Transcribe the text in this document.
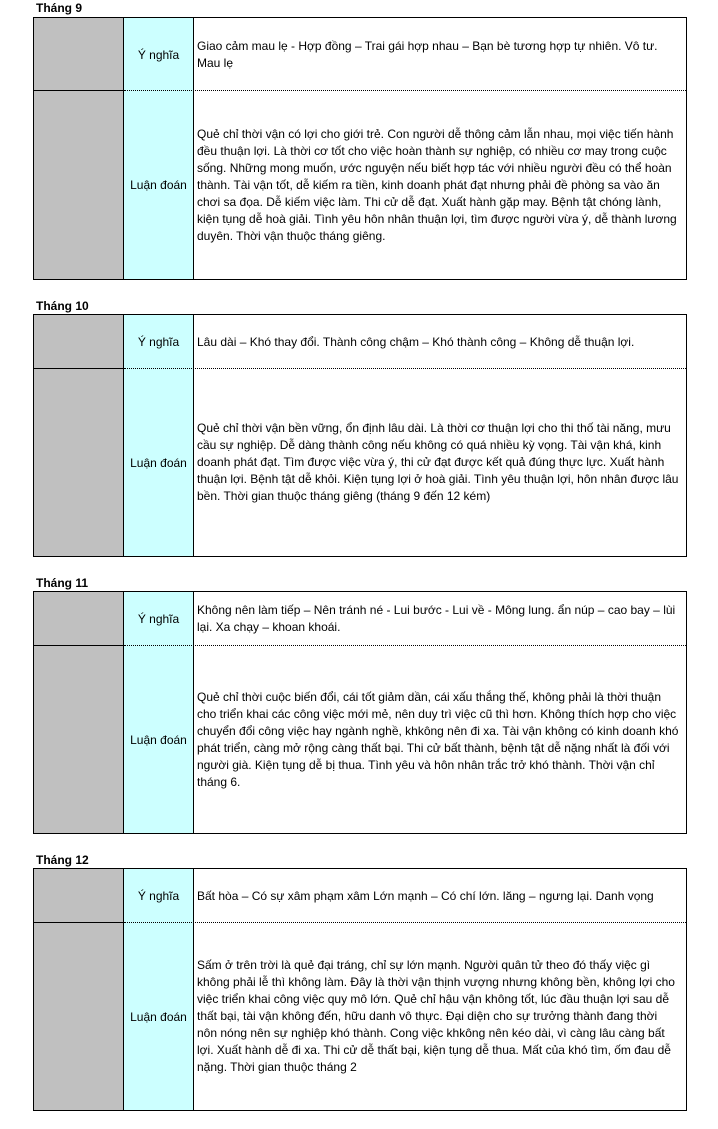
Tháng 9
Ý nghĩa
Giao cảm mau lẹ - Hợp đồng – Trai gái hợp nhau – Bạn bè tương hợp tự nhiên. Vô tư. Mau lẹ
Luận đoán
Quẻ chỉ thời vận có lợi cho giới trẻ. Con người dễ thông cảm lẫn nhau, mọi việc tiến hành đều thuận lợi. Là thời cơ tốt cho việc hoàn thành sự nghiệp, có nhiều cơ may trong cuộc sống. Những mong muốn, ước nguyện nếu biết hợp tác với nhiều người đều có thể hoàn thành. Tài vận tốt, dễ kiếm ra tiền, kinh doanh phát đạt nhưng phải đề phòng sa vào ăn chơi sa đọa. Dễ kiếm việc làm. Thi cử dễ đạt. Xuất hành gặp may. Bệnh tật chóng lành, kiện tụng dễ hoà giải. Tình yêu hôn nhân thuận lợi, tìm được người vừa ý, dễ thành lương duyên. Thời vận thuộc tháng giêng.
Tháng 10
Ý nghĩa	Lâu dài – Khó thay đổi. Thành công chậm – Khó thành công – Không dễ thuận lợi.
Luận đoán
Quẻ chỉ thời vận bền vững, ổn định lâu dài. Là thời cơ thuận lợi cho thi thố tài năng, mưu cầu sự nghiệp. Dễ dàng thành công nếu không có quá nhiều kỳ vọng. Tài vận khá, kinh doanh phát đạt. Tìm được việc vừa ý, thi cử đạt được kết quả đúng thực lực. Xuất hành thuận lợi. Bệnh tật dễ khỏi. Kiện tụng lợi ở hoà giải. Tình yêu thuận lợi, hôn nhân được lâu bền. Thời gian thuộc tháng giêng (tháng 9 đến 12 kém)
Tháng 11
Ý nghĩa
Không nên làm tiếp – Nên tránh né - Lui bước - Lui về - Mông lung. ẩn núp – cao bay – lùi lại. Xa chạy – khoan khoái.
Luận đoán
Quẻ chỉ thời cuộc biến đổi, cái tốt giảm dần, cái xấu thắng thế, không phải là thời thuận cho triển khai các công việc mới mẻ, nên duy trì việc cũ thì hơn. Không thích hợp cho việc chuyển đổi công việc hay ngành nghề, khkông nên đi xa. Tài vận không có kinh doanh khó phát triển, càng mở rộng càng thất bại. Thi cử bất thành, bệnh tật dễ nặng nhất là đối với người già. Kiện tụng dễ bị thua. Tình yêu và hôn nhân trắc trở khó thành. Thời vận chỉ tháng 6.
Tháng 12
Ý nghĩa	Bất hòa – Có sự xâm phạm xâm Lớn mạnh – Có chí lớn. lăng – ngưng lại. Danh vọng
Luận đoán
Sấm ở trên trời là quẻ đại tráng, chỉ sự lớn mạnh. Người quân tử theo đó thấy việc gì không phải lễ thì không làm. Đây là thời vận thịnh vượng nhưng không bền, không lợi cho việc triển khai công việc quy mô lớn. Quẻ chỉ hậu vận không tốt, lúc đầu thuận lợi sau dễ thất bại, tài vận không đến, hữu danh vô thực. Đại diện cho sự trưởng thành đang thời nôn nóng nên sự nghiệp khó thành. Cong việc khkông nên kéo dài, vì càng lâu càng bất lợi. Xuất hành dễ đi xa. Thi cử dễ thất bại, kiện tụng dễ thua. Mất của khó tìm, ốm đau dễ nặng. Thời gian thuộc tháng 2
